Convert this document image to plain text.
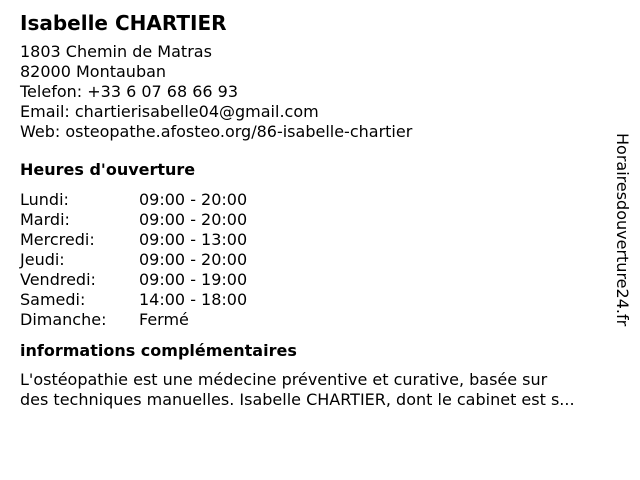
Isabelle CHARTIER
1803 Chemin de Matras
82000 Montauban
Telefon: +33 6 07 68 66 93
Email: chartierisabelle04@gmail.com
Web: osteopathe.afosteo.org/86-isabelle-chartier
Heures d'ouverture
Lundi:	09:00 - 20:00
Mardi:	09:00 - 20:00
Mercredi:	09:00 - 13:00
Jeudi:	09:00 - 20:00
Vendredi:	09:00 - 19:00
Samedi:	14:00 - 18:00
Dimanche:	Fermé
informations complémentaires
L'ostéopathie est une médecine préventive et curative, basée sur
des techniques manuelles. Isabelle CHARTIER, dont le cabinet est s...
Horairesdouverture24.fr
